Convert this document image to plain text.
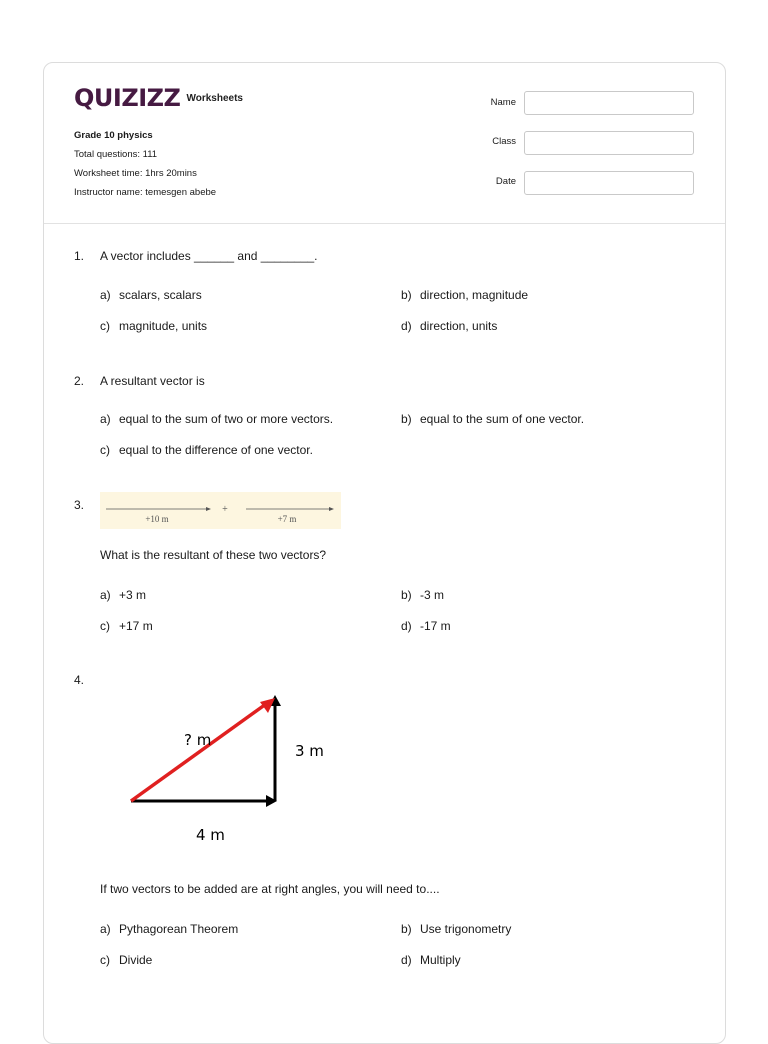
QUIZIZZ Worksheets
Grade 10 physics
Total questions: 111
Worksheet time: 1hrs 20mins
Instructor name: temesgen abebe
Name
Class
Date
1. A vector includes ______ and ________.
a) scalars, scalars	b) direction, magnitude
c) magnitude, units	d) direction, units
2. A resultant vector is
a) equal to the sum of two or more vectors.	b) equal to the sum of one vector.
c) equal to the difference of one vector.
3.
+10 m
+
+7 m
What is the resultant of these two vectors?
a) +3 m	b) -3 m
c) +17 m	d) -17 m
4.
? m
3 m
4 m
If two vectors to be added are at right angles, you will need to....
a) Pythagorean Theorem	b) Use trigonometry
c) Divide	d) Multiply
